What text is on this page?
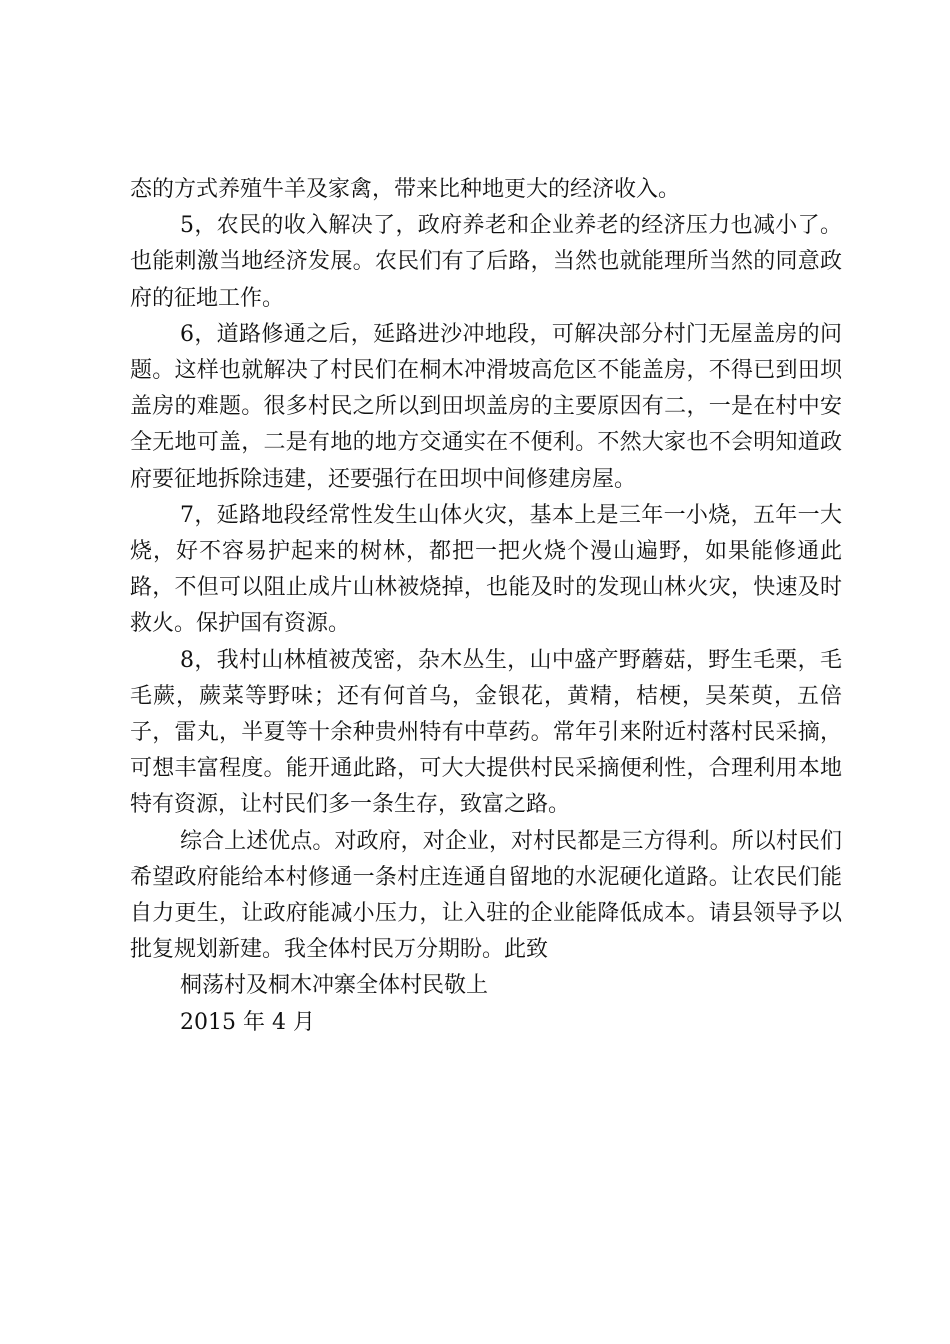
态的方式养殖牛羊及家禽，带来比种地更大的经济收入。

5，农民的收入解决了，政府养老和企业养老的经济压力也减小了。也能刺激当地经济发展。农民们有了后路，当然也就能理所当然的同意政府的征地工作。

6，道路修通之后，延路进沙冲地段，可解决部分村门无屋盖房的问题。这样也就解决了村民们在桐木冲滑坡高危区不能盖房，不得已到田坝盖房的难题。很多村民之所以到田坝盖房的主要原因有二，一是在村中安全无地可盖，二是有地的地方交通实在不便利。不然大家也不会明知道政府要征地拆除违建，还要强行在田坝中间修建房屋。

7，延路地段经常性发生山体火灾，基本上是三年一小烧，五年一大烧，好不容易护起来的树林，都把一把火烧个漫山遍野，如果能修通此路，不但可以阻止成片山林被烧掉，也能及时的发现山林火灾，快速及时救火。保护国有资源。

8，我村山林植被茂密，杂木丛生，山中盛产野蘑菇，野生毛栗，毛毛蕨，蕨菜等野味；还有何首乌，金银花，黄精，桔梗，吴茱萸，五倍子，雷丸，半夏等十余种贵州特有中草药。常年引来附近村落村民采摘，可想丰富程度。能开通此路，可大大提供村民采摘便利性，合理利用本地特有资源，让村民们多一条生存，致富之路。

综合上述优点。对政府，对企业，对村民都是三方得利。所以村民们希望政府能给本村修通一条村庄连通自留地的水泥硬化道路。让农民们能自力更生，让政府能减小压力，让入驻的企业能降低成本。请县领导予以批复规划新建。我全体村民万分期盼。此致

桐荡村及桐木冲寨全体村民敬上

2015 年 4 月
